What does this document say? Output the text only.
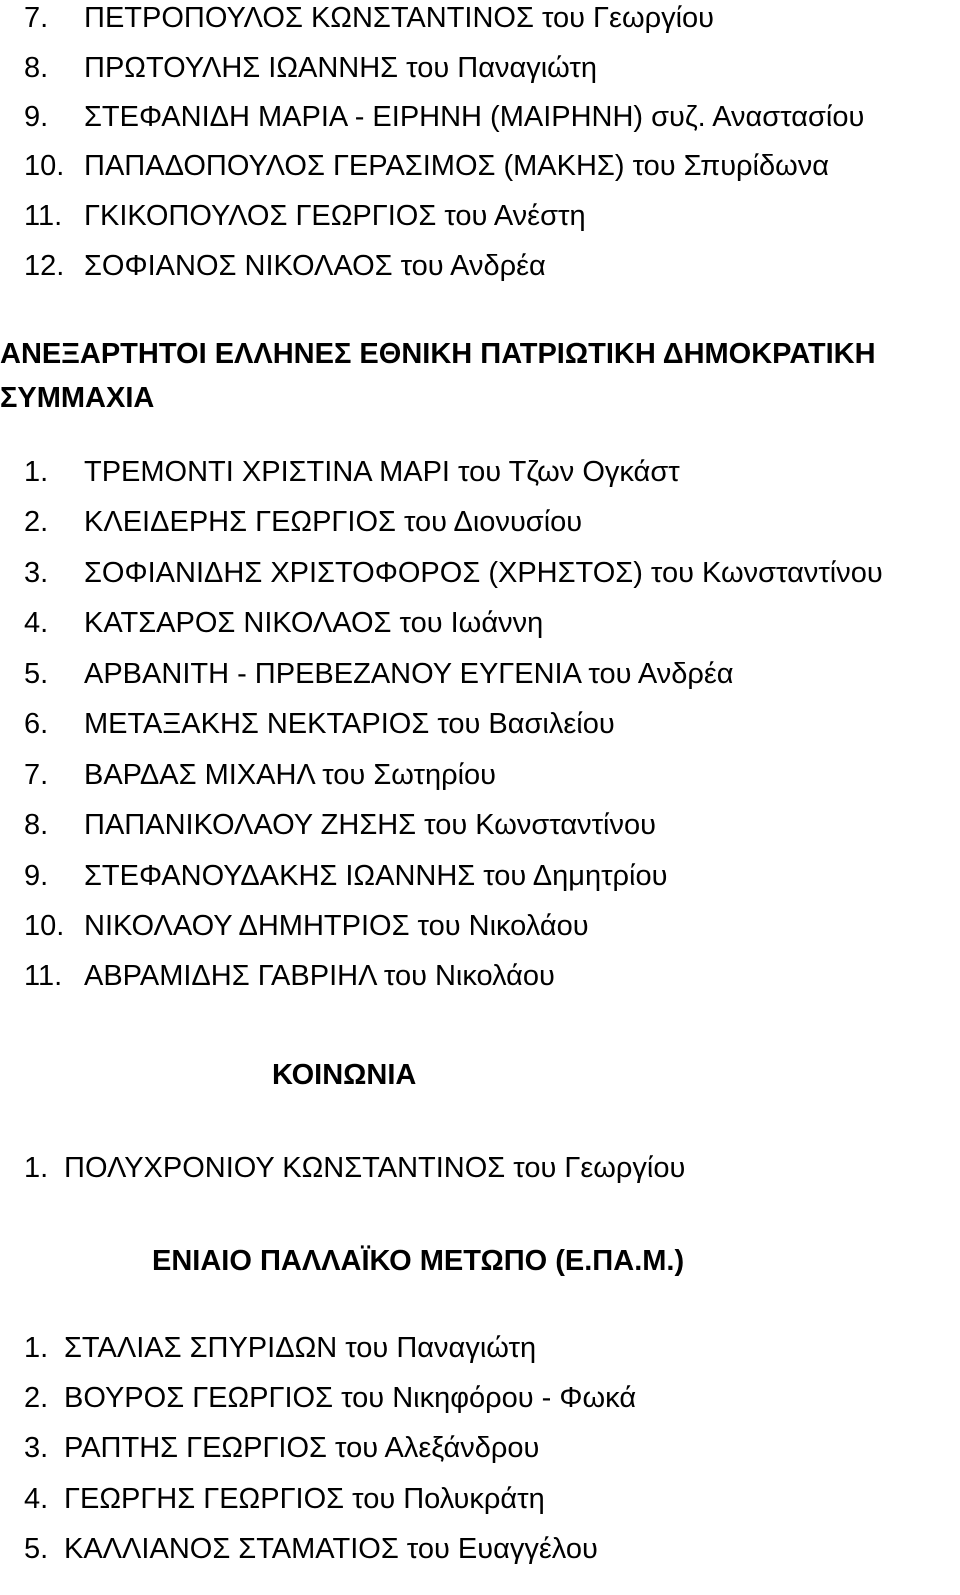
7. ΠΕΤΡΟΠΟΥΛΟΣ ΚΩΝΣΤΑΝΤΙΝΟΣ του Γεωργίου
8. ΠΡΩΤΟΥΛΗΣ ΙΩΑΝΝΗΣ του Παναγιώτη
9. ΣΤΕΦΑΝΙΔΗ ΜΑΡΙΑ - ΕΙΡΗΝΗ (ΜΑΙΡΗΝΗ) συζ. Αναστασίου
10. ΠΑΠΑΔΟΠΟΥΛΟΣ ΓΕΡΑΣΙΜΟΣ (ΜΑΚΗΣ) του Σπυρίδωνα
11. ΓΚΙΚΟΠΟΥΛΟΣ ΓΕΩΡΓΙΟΣ του Ανέστη
12. ΣΟΦΙΑΝΟΣ ΝΙΚΟΛΑΟΣ του Ανδρέα
ΑΝΕΞΑΡΤΗΤΟΙ ΕΛΛΗΝΕΣ ΕΘΝΙΚΗ ΠΑΤΡΙΩΤΙΚΗ ΔΗΜΟΚΡΑΤΙΚΗ
ΣΥΜΜΑΧΙΑ
1. ΤΡΕΜΟΝΤΙ ΧΡΙΣΤΙΝΑ ΜΑΡΙ του Τζων Ογκάστ
2. ΚΛΕΙΔΕΡΗΣ ΓΕΩΡΓΙΟΣ του Διονυσίου
3. ΣΟΦΙΑΝΙΔΗΣ ΧΡΙΣΤΟΦΟΡΟΣ (ΧΡΗΣΤΟΣ) του Κωνσταντίνου
4. ΚΑΤΣΑΡΟΣ ΝΙΚΟΛΑΟΣ του Ιωάννη
5. ΑΡΒΑΝΙΤΗ - ΠΡΕΒΕΖΑΝΟΥ ΕΥΓΕΝΙΑ του Ανδρέα
6. ΜΕΤΑΞΑΚΗΣ ΝΕΚΤΑΡΙΟΣ του Βασιλείου
7. ΒΑΡΔΑΣ ΜΙΧΑΗΛ του Σωτηρίου
8. ΠΑΠΑΝΙΚΟΛΑΟΥ ΖΗΣΗΣ του Κωνσταντίνου
9. ΣΤΕΦΑΝΟΥΔΑΚΗΣ ΙΩΑΝΝΗΣ του Δημητρίου
10. ΝΙΚΟΛΑΟΥ ΔΗΜΗΤΡΙΟΣ του Νικολάου
11. ΑΒΡΑΜΙΔΗΣ ΓΑΒΡΙΗΛ του Νικολάου
ΚΟΙΝΩΝΙΑ
1. ΠΟΛΥΧΡΟΝΙΟΥ ΚΩΝΣΤΑΝΤΙΝΟΣ του Γεωργίου
ΕΝΙΑΙΟ ΠΑΛΛΑΪΚΟ ΜΕΤΩΠΟ (Ε.ΠΑ.Μ.)
1. ΣΤΑΛΙΑΣ ΣΠΥΡΙΔΩΝ του Παναγιώτη
2. ΒΟΥΡΟΣ ΓΕΩΡΓΙΟΣ του Νικηφόρου - Φωκά
3. ΡΑΠΤΗΣ ΓΕΩΡΓΙΟΣ του Αλεξάνδρου
4. ΓΕΩΡΓΗΣ ΓΕΩΡΓΙΟΣ του Πολυκράτη
5. ΚΑΛΛΙΑΝΟΣ ΣΤΑΜΑΤΙΟΣ του Ευαγγέλου
